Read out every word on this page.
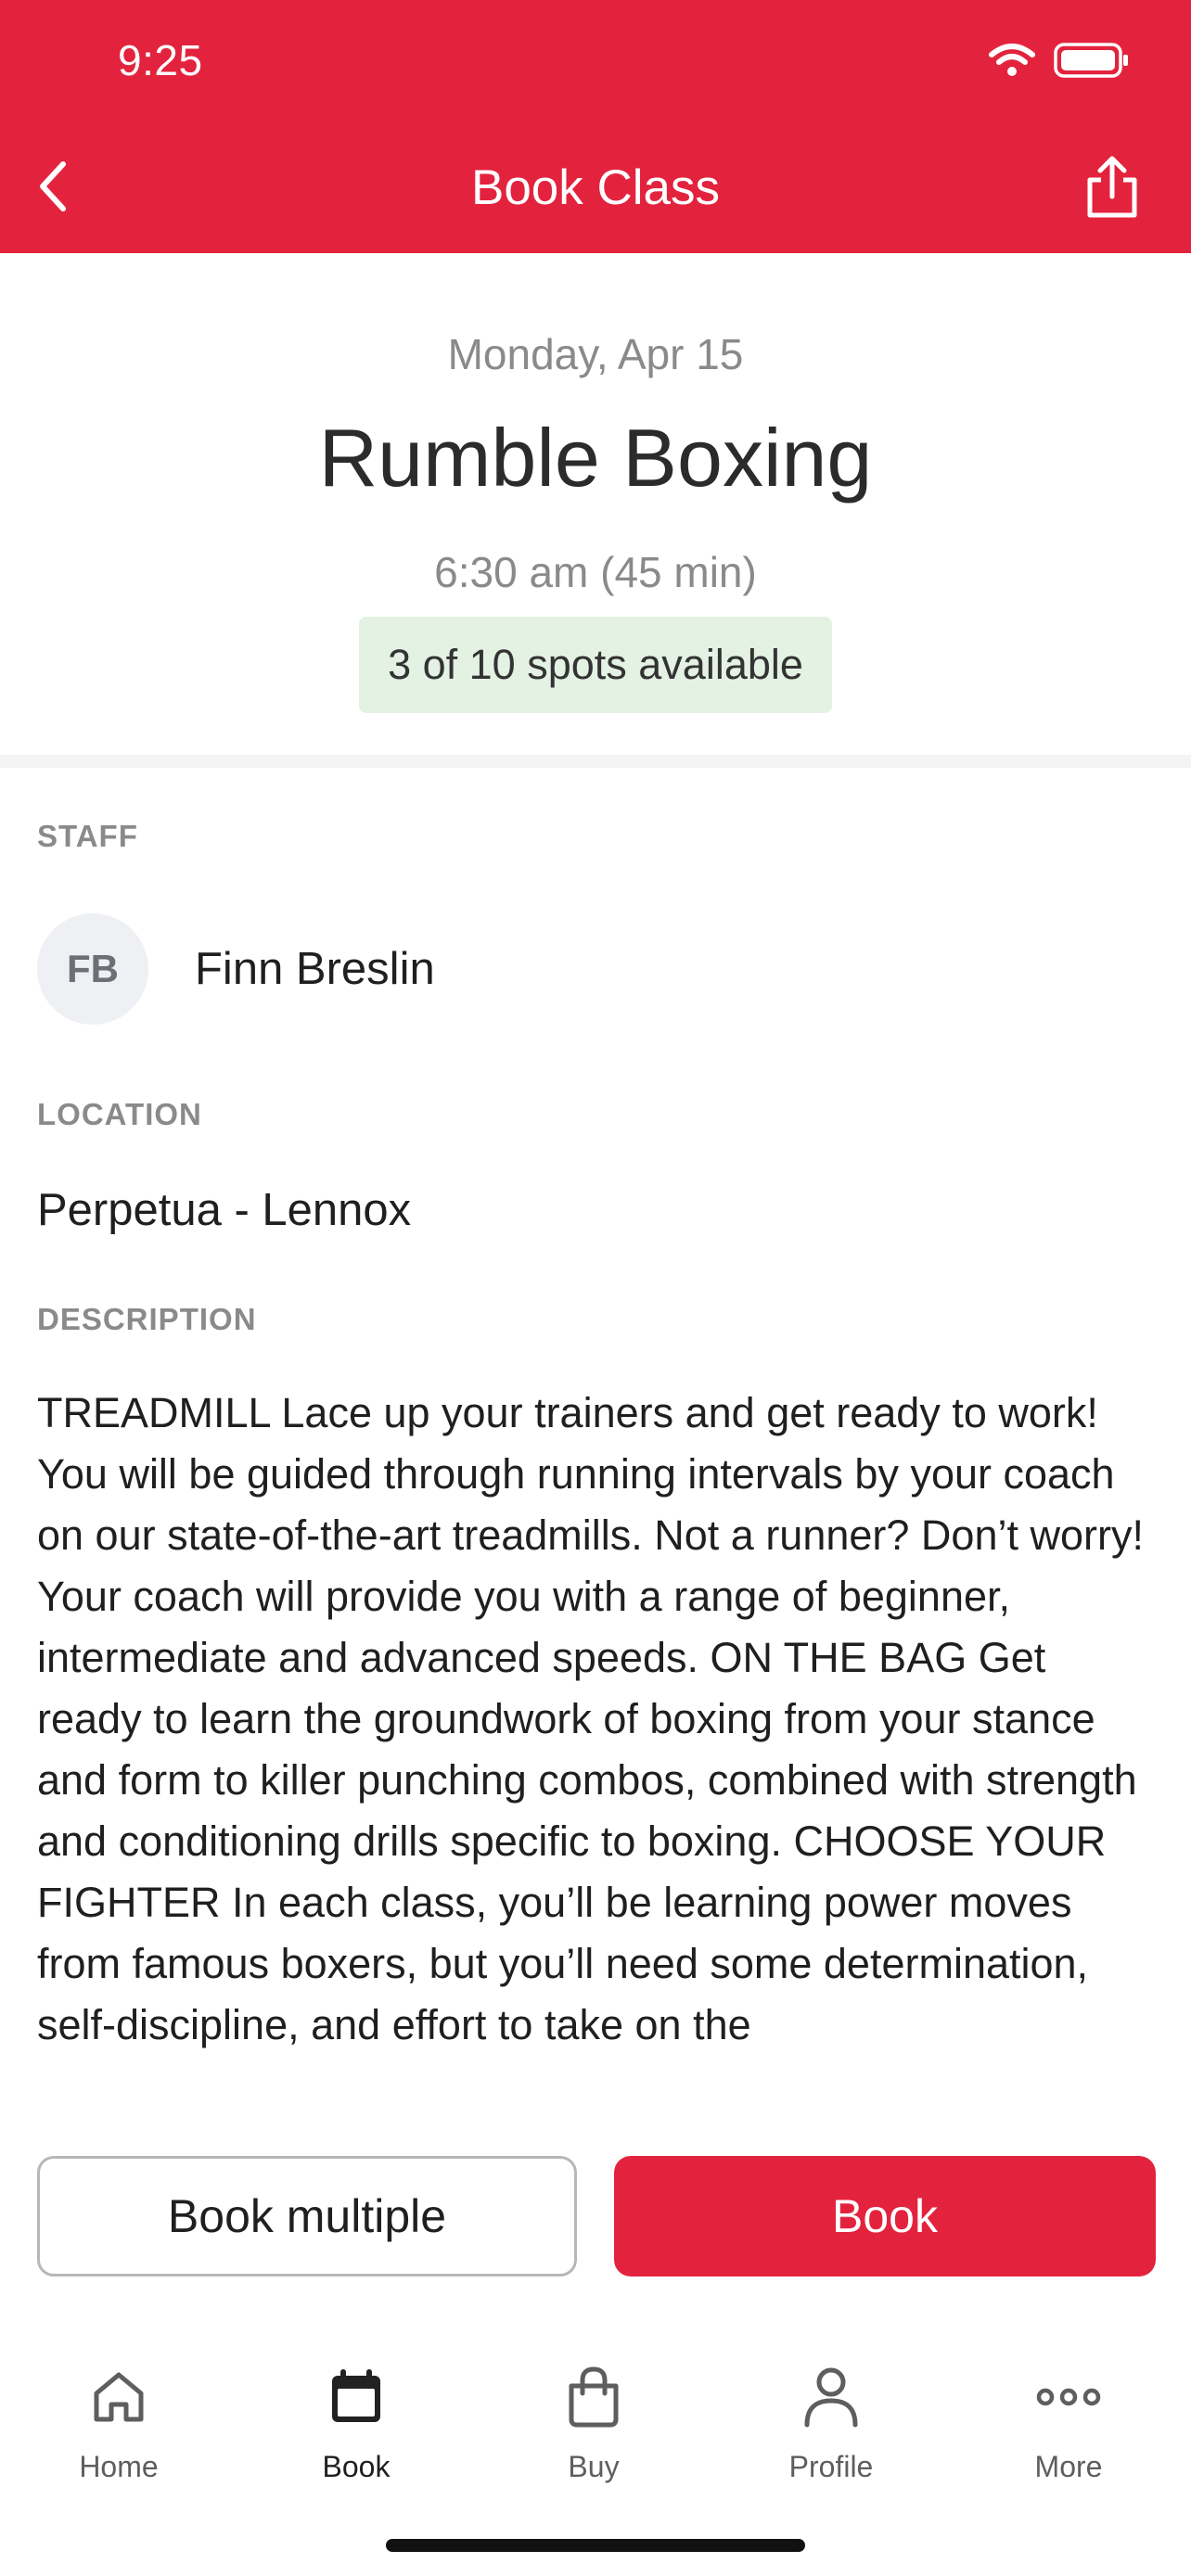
9:25
Book Class
Monday, Apr 15
Rumble Boxing
6:30 am (45 min)
3 of 10 spots available
STAFF
FB	Finn Breslin
LOCATION
Perpetua - Lennox
DESCRIPTION
TREADMILL Lace up your trainers and get ready to work! You will be guided through running intervals by your coach on our state-of-the-art treadmills. Not a runner? Don’t worry! Your coach will provide you with a range of beginner, intermediate and advanced speeds. ON THE BAG Get ready to learn the groundwork of boxing from your stance and form to killer punching combos, combined with strength and conditioning drills specific to boxing. CHOOSE YOUR FIGHTER In each class, you’ll be learning power moves from famous boxers, but you’ll need some determination, self-discipline, and effort to take on the
Book multiple	Book
Home	Book	Buy	Profile	More
